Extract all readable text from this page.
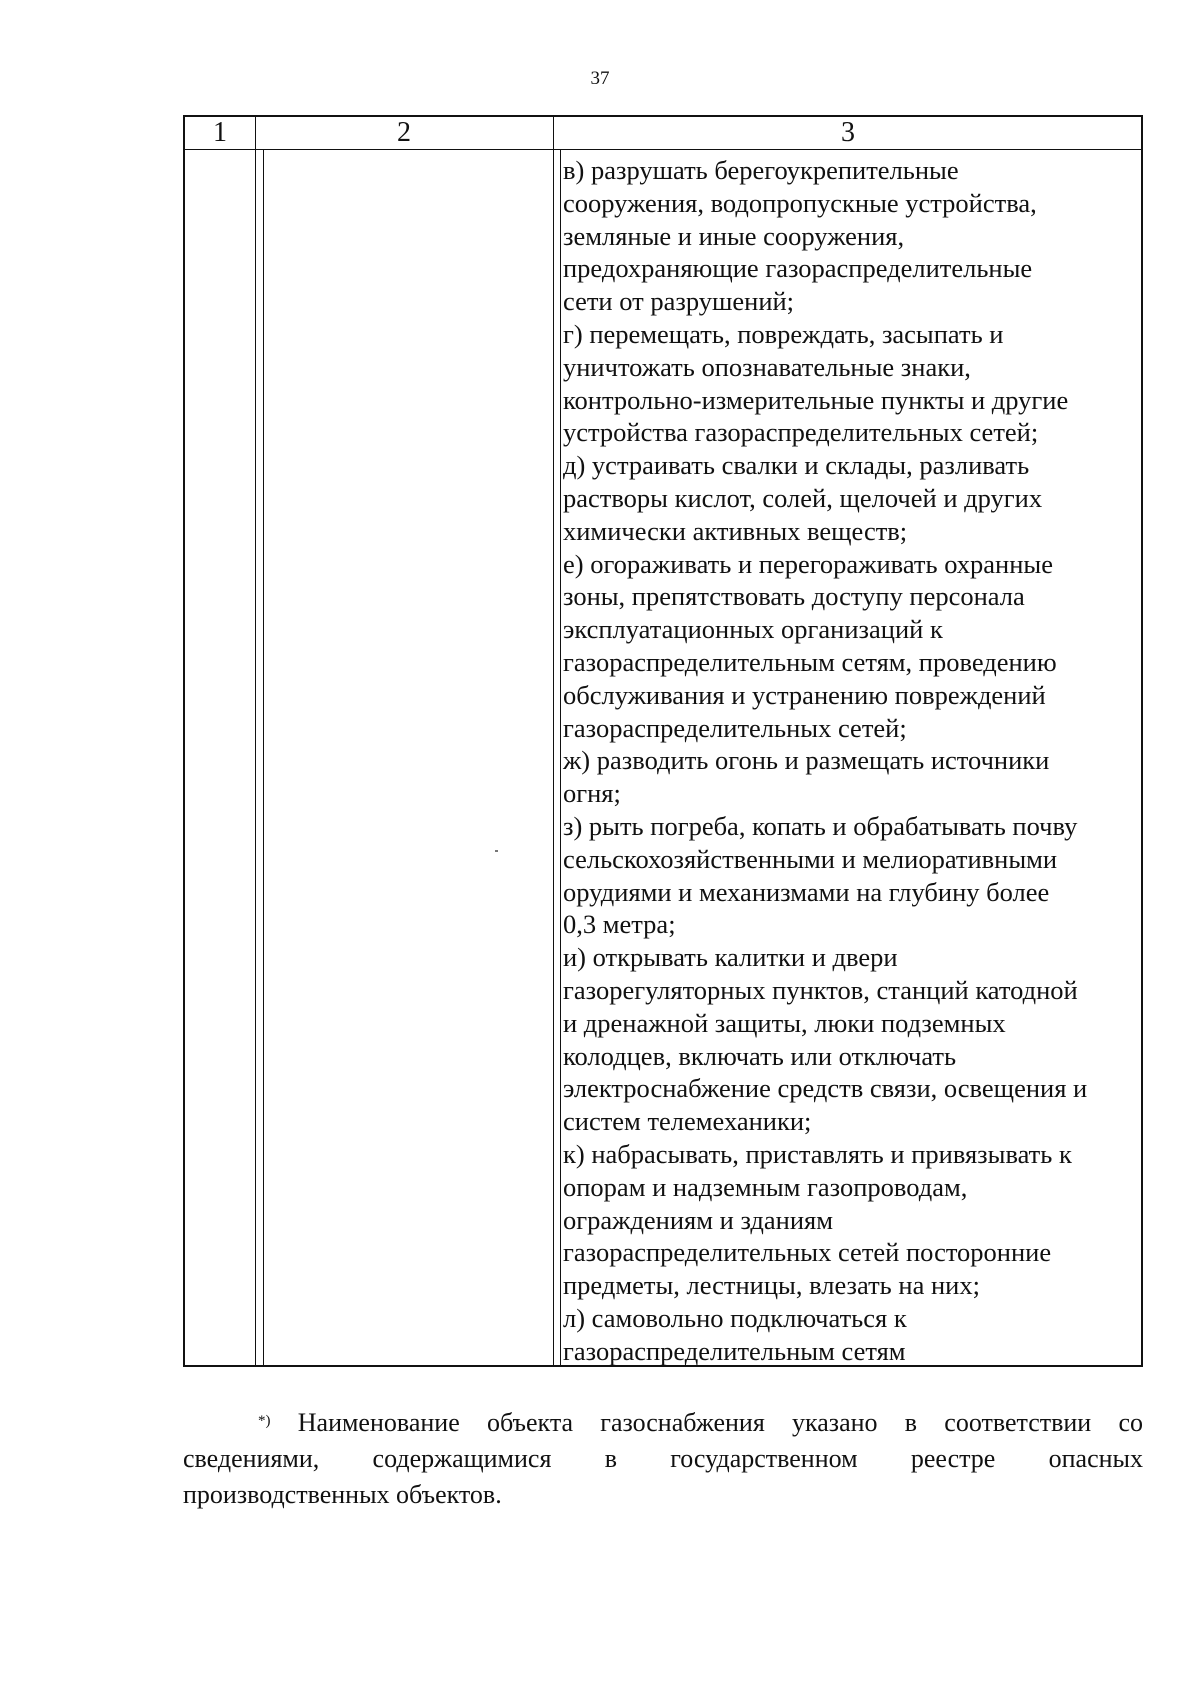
37
1	2	3
в) разрушать берегоукрепительные
сооружения, водопропускные устройства,
земляные и иные сооружения,
предохраняющие газораспределительные
сети от разрушений;
г) перемещать, повреждать, засыпать и
уничтожать опознавательные знаки,
контрольно-измерительные пункты и другие
устройства газораспределительных сетей;
д) устраивать свалки и склады, разливать
растворы кислот, солей, щелочей и других
химически активных веществ;
е) огораживать и перегораживать охранные
зоны, препятствовать доступу персонала
эксплуатационных организаций к
газораспределительным сетям, проведению
обслуживания и устранению повреждений
газораспределительных сетей;
ж) разводить огонь и размещать источники
огня;
з) рыть погреба, копать и обрабатывать почву
сельскохозяйственными и мелиоративными
орудиями и механизмами на глубину более
0,3 метра;
и) открывать калитки и двери
газорегуляторных пунктов, станций катодной
и дренажной защиты, люки подземных
колодцев, включать или отключать
электроснабжение средств связи, освещения и
систем телемеханики;
к) набрасывать, приставлять и привязывать к
опорам и надземным газопроводам,
ограждениям и зданиям
газораспределительных сетей посторонние
предметы, лестницы, влезать на них;
л) самовольно подключаться к
газораспределительным сетям
*) Наименование объекта газоснабжения указано в соответствии со
сведениями, содержащимися в государственном реестре опасных
производственных объектов.
